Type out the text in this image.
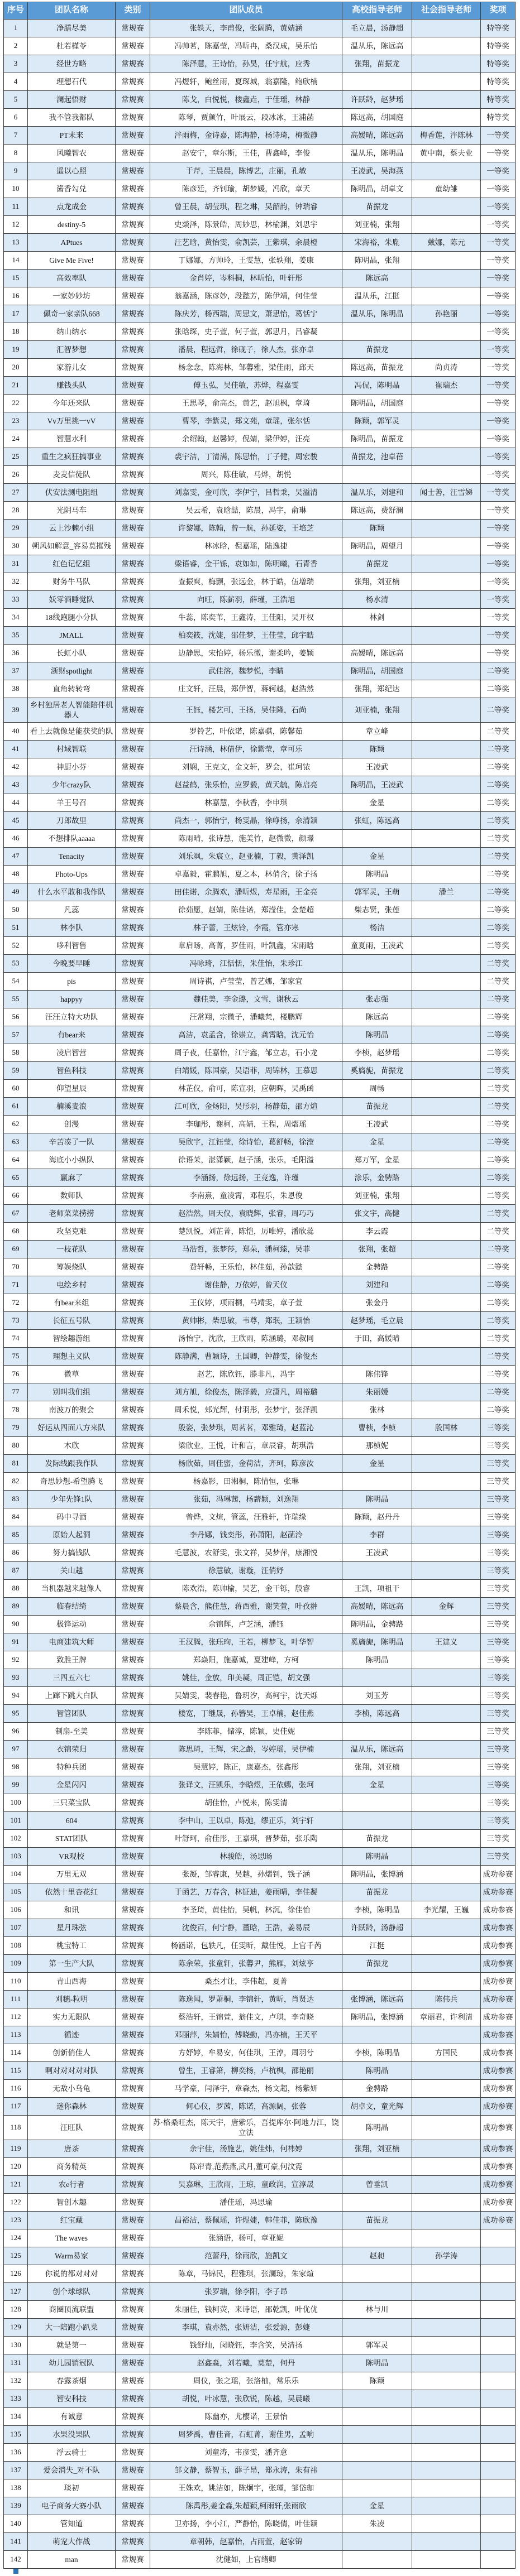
序号	团队名称	类别	团队成员	高校指导老师	社会指导老师	奖项
1	净膳尽美	常规赛	张轶天，李甫俊，张阔腾，黄婧涵	毛立晨，汤静超		特等奖
2	杜若槿苓	常规赛	冯帅茗，陈嘉莹，冯昕冉，桑汉成，吴乐怡	温从乐，陈远高		特等奖
3	经世方略	常规赛	陈泽慧，王诗怡，孙昊，任宇航，应秀	张翔，苗振龙		特等奖
4	理想石代	常规赛	冯煜轩，鲍丝雨，夏琛城，翁嘉隆，鲍欣楠			特等奖
5	澜起悟财	常规赛	陈戈，白悦悦，楼鑫垚，于佳瑶，林静	许跃龄，赵梦瑶		特等奖
6	我不管我都队	常规赛	陈琴，贾颜竹，叶展云，段冰冰，王浦菡	陈远高，胡国庭		特等奖
7	PT未来	常规赛	泮雨梅，金诗嘉，陈海静，杨诗琦，梅微静	高媛晴，陈远高	梅香莲，泮陈林	一等奖
8	风曦智农	常规赛	赵安宁，章尔斯，王佳，曹鑫峰，李俊	温从乐，陈明晶	黄中南，蔡夫业	一等奖
9	遥以心照	常规赛	于芹，王晨晨，陈博艺，庄丽，孔敏	王凌武，吴海燕		一等奖
10	酱香勾兑	常规赛	陈彦廷，齐钊瑜，胡梦媛，冯欣，章天	陈明晶，胡卓文	童幼雏	一等奖
11	点龙成金	常规赛	曾王晨，胡莹琪，程之琳，吴韶韵，钟瑞睿	苗振龙		一等奖
12	destiny-5	常规赛	史燚泽，陈景皓，周妙思，林榆渊，刘思宇	刘亚楠，张翔		一等奖
13	APtues	常规赛	汪艺晗，黄怡雯，俞凯芸，王紫琪，余晨橙	宋海裕，朱胤	戴娜，陈元	一等奖
14	Give Me Five!	常规赛	丁娜娜，方帅玲，王雯慧，张轶翔，姜康	陈明晶，张翔		一等奖
15	高效率队	常规赛	金肖婷，岑科桐，林昕怡，叶轩彤	陈远高		一等奖
16	一家妙妙坊	常规赛	翁嘉涵，陈彦妙，段懿芳，陈伊靖，何佳莹	温从乐，江挺		一等奖
17	佩奇一家亲队668	常规赛	陈庆芳，杨西瑞，周思文，萧思怡，葛恬宁	温从乐，陈明晶	孙艳丽	一等奖
18	纳山纳水	常规赛	张晗琛，史子萱，何子萱，郭思月，吕睿凝			一等奖
19	汇智梦想	常规赛	潘晨，程远哲，徐砚子，徐人杰，张亦卓	苗振龙		一等奖
20	家游儿女	常规赛	杨念念，陈海林，邹馨雅，梁佳雨，邱天	陈远高，苗振龙	尚贞涛	一等奖
21	赚钱头队	常规赛	傅玉弘，吴佳敏，苏烨，程嘉雯	冯侃，陈明晶	崔瑞杰	一等奖
22	今年还来队	常规赛	王思琴，俞高杰，黄艺，赵旭枫，章琦	陈明晶，胡国庭		一等奖
23	Vv万里挑一vV	常规赛	曹琴，李紫灵，郑文苑，童瑶，张尔恬	陈颖，郭军灵		一等奖
24	智慧水利	常规赛	余绍翰，赵馨婷，倪婧，梁伊婷，汪亮	陈明晶，苗振龙		一等奖
25	重生之疯狂搞事业	常规赛	裘宇洁，丁清满，陈思怡，丁子健，周宏骏	苗振龙，池卓蓓		一等奖
26	麦麦信徒队	常规赛	周兴，陈佳敏，马烨，胡悦			一等奖
27	伏安法测电阻组	常规赛	刘嘉雯，金可欣，李伊宁，吕哲秉，吴溢清	温从乐，刘建和	闻士善，汪雪娣	一等奖
28	光阴马车	常规赛	吴云希，袁晗喆，陈晨，冯宇，俞琳	陈远高，费舒澜		一等奖
29	云上沙棘小组	常规赛	许黎娜，陈翰，曾一航，孙延姿，王培芝	陈颖		一等奖
30	朔风如解意_容易莫摧残	常规赛	林冰晗，倪嘉瑶，陆逸捷	陈明晶，周望月		一等奖
31	红色记忆组	常规赛	梁语睿，金干铄，袁如如，陈明曦，石青香	苗振龙		一等奖
32	财务牛马队	常规赛	查振爽，梅颢，张远金，林于皓，伍增瑞	张翔，刘亚楠		一等奖
33	妖零酒睡觉队	常规赛	向旺，陈薪羽，薛瑾，王浩旭	杨水清		一等奖
34	18线跑腿小分队	常规赛	牛蕊，陈奕苇，王鑫涛，王佳阳，吴开权	林剑		一等奖
35	JMALL	常规赛	柏奕筱，沈婕，邵佳梦，王佳莹，邱宇皓			一等奖
36	长虹小队	常规赛	边静思，宋怡婷，杨乐微，谢柔吟，姜颖	高媛晴，陈远高		一等奖
37	浙财spotlight	常规赛	武佳溶，魏梦悦，李睛	陈明晶，胡国庭		二等奖
38	直角转转弯	常规赛	庄文轩，汪晨，郑伊智，蒋轲越，赵浩然	张翔，郑纪达		二等奖
39	乡村独居老人智能陪伴机器人	常规赛	王钰，楼艺可，王扬，吴佳隆，石尚	刘亚楠，张翔		二等奖
40	看上去就像是能获奖的队	常规赛	罗铃艺，叶依诺，陈嘉骐，陈馨茹	章立峰		二等奖
41	村域智联	常规赛	汪诗涵，林倩伊，徐紫莹，章可乐	陈颖		二等奖
42	神厨小芬	常规赛	刘娴，王克文，金文轩，罗会，崔珂铱	王凌武		二等奖
43	少年crazy队	常规赛	赵益鹤，张乐怡，应罗毅，黄天毓，陈启亮	陈明晶，王凌武		二等奖
44	羊王号召	常规赛	林嘉慧，李秋香，李申琪	金星		二等奖
45	刀郎故里	常规赛	尚杰一，郭怡宁，杨雯晶，徐峥扬，佘清颖	张虹，陈远高		二等奖
46	不想排队aaaaa	常规赛	陈雨晴，张诗慧，施美竹，赵微微，颜璟			二等奖
47	Tenacity	常规赛	刘乐飒，朱宸立，赵亚楠，丁毅，黄泽凯	金星		二等奖
48	Photo-Ups	常规赛	卓嘉毅，霍鹏旭，夏之本，林俏含，徐子扬	陈明晶		二等奖
49	什么水平敢和我作队	常规赛	田佳诺，余腾欢，潘昕煜，寿星雨，王金亮	郭军灵，王萌	潘兰	二等奖
50	凡蕊	常规赛	徐茹愿，赵婧，陈佳诺，郑滢佳，金楚超	柴志贤，张莲		二等奖
51	林李队	常规赛	林子蕾，王炫铃，李霞，管亦寒	杨洁		二等奖
52	哆利智售	常规赛	章启旸，高菁，罗佳雨，叶凯鑫，宋雨晗	童夏雨，王凌武		二等奖
53	今晚要早睡	常规赛	冯咏琦，江恬恬，朱佳怡，朱珍江			二等奖
54	pis	常规赛	周诗祺，卢莹莹，曾艺娜，邹家宜			二等奖
55	happyy	常规赛	魏佳美，李金璐，文雪，谢秋云	张志强		二等奖
56	汪汪立特大功队	常规赛	汪常翔，宗微子，潘曦梵，楼鹏辉	陈远高		二等奖
57	有bear来	常规赛	高洁，袁孟含，徐崇立，龚霄晗，沈元怡	陈明晶		二等奖
58	凌启智营	常规赛	周子夜，任嘉怡，江宇鑫，邹立志，石小龙	李桢，赵梦瑶		二等奖
59	智鱼科技	常规赛	白靖媛，陈国豪，吴语菲，周锦林，王慕思	奚旖旎，苗振龙		二等奖
60	仰望星辰	常规赛	林芷仪，俞可，陈宣羽，应朝晖，吴禹函	周畅		二等奖
61	楠溪麦浪	常规赛	江可欣，金炀阳，吴彤羽，杨静茹，邵方煊	苗振龙		二等奖
62	创漫	常规赛	李珈彤，谢柯，高婧，王程，周熠瑶	王凌武		二等奖
63	辛苦凑了一队	常规赛	吴欣宇，江钰莹，徐诗怡，葛舒畅，徐滢	金星		二等奖
64	海底小小纵队	常规赛	徐语茉，湛潇颖，赵子涵，张乐，毛阳溢	郑万军，金星		二等奖
65	赢麻了	常规赛	李涵扬，徐远扬，王竞逸，许瑾	涂乐，金骋路		二等奖
66	数师队	常规赛	李南熹，童凌霄，邓程乐，朱恩俊	刘亚楠，张翔		二等奖
67	老师菜菜捞捞	常规赛	赵浩然，周天仪，袁晓辉，张睿，周巧巧	张文宇，高健		二等奖
68	攻坚克难	常规赛	楚凯悦，刘芷菁，陈恺，厉唯婷，潘欣蕊	李云霞		二等奖
69	一枝花队	常规赛	马浩哲，张梦莎，郑朵，潘柯臻，吴菲	张翔，张超		二等奖
70	筹娱烧队	常规赛	费轩畅，王乐怡，林佳茹，孙歆懿	金骋路		二等奖
71	电绘乡村	常规赛	谢佳静，万依婷，曾天仪	刘建和		二等奖
72	有bear来组	常规赛	王仪婷，项雨桐，马靖雯，章子萱	张金丹		二等奖
73	长征五号队	常规赛	黄帅彬，柴思敏，韦尊，郑珉，王颖怡	赵梦瑶，毛立晨		二等奖
74	智绘趣游组	常规赛	汤怡宁，沈欣，王欣雨，陈涵璐，邓叔同	于田，高媛晴		二等奖
75	理想主义队	常规赛	陈静满，曹颖诗，王国卿，钟静雯，徐俊杰			二等奖
76	微草	常规赛	赵艺，陈欣钰，滕非凡，冯宇	陈伟锋		二等奖
77	别叫我们组	常规赛	刘方旭，徐俊杰，陈泽毅，应潇凡，周裕璐	朱丽媛		二等奖
78	南波万的聚会	常规赛	周禾悦，郏光辉，付羽彤，张梦宇，张泽凯	张林		二等奖
79	好运从四面八方来队	常规赛	殷姿，张梦琪，周茗茗，邓雅琦，赵蓝沁	曹桢，李桢	殷国林	三等奖
80	木欣	常规赛	梁欣业，王悦，计和言，章辰睿，胡琪浩	那桢妮		三等奖
81	发际线跟我作队	常规赛	杨欣茹，周佳蜜，金荷洁，齐珂，陈彦汝	金星		三等奖
82	奇思妙想-希望腾飞	常规赛	杨嘉影，田湘桐，陈情恒，张琳			三等奖
83	少年先锋1队	常规赛	张茹，冯琳茜，杨薪颖，刘逸翔	陈明晶		三等奖
84	码中寻酒	常规赛	曾烨，文煊，管蕊，汪雅轩，许瑞缘	陈颖，赵丹丹		三等奖
85	原始人起洞	常规赛	李丹娜，钱奕彤，孙萧阳，赵菡泠	李群		三等奖
86	努力搞钱队	常规赛	毛慧波，农舒雯，张文祥，吴梦萍，康湘悦	王凌武		三等奖
87	关山越	常规赛	徐慧敏，谢璇，汪俏妤			三等奖
88	当机器越来越像人	常规赛	陈欢浩，陈帅榆，吴艺，金干铄，殷睿	王凯，项祖干		三等奖
89	临春结绮	常规赛	蔡晨含，熊佳慧，蒋西雅，谢笑萱，叶孜翀	高媛晴，陈远高	金辉	三等奖
90	极锋运动	常规赛	佘锦辉，卢芝涵，潘钰	陈明晶，金骋路		三等奖
91	电商建筑大师	常规赛	王汉腾，张珏珣，王若，柳梦飞，叶华智	奚旖旎，陈明晶	王建义	三等奖
92	致胜王牌	常规赛	郑焱阳，施嘉诚，夏建峰，方柯	陈明晶		三等奖
93	三四五六七	常规赛	姚佳，金放，印美凝，周正铠，胡文强			三等奖
94	上蹿下跳大白队	常规赛	吴婧雯，裴春艳，鲁玥汐，高柯宇，沈天烁	刘玉芳		三等奖
95	智管团队	常规赛	楼宽，丁继晟，孙簪昊，王卓楠，赵佳燕	李桢，陈远高		三等奖
96	制扇-至美	常规赛	李陈菲，储淳，陈颖，史佳妮			三等奖
97	衣锦荣归	常规赛	陈思琦，王辉，宋之龄，岑婷瑶，吴伊楠	温从乐，陈远高		三等奖
98	特种兵团	常规赛	吴慧婷，陈正，康嘉杰，张鑫彤	张翔，刘亚楠		三等奖
99	金星闪闪	常规赛	张译文，汪凯乐，李晗煜，王依娜，张珂	金星		三等奖
100	三只菜宝队	常规赛	胡佳怡，卢悦来，陈雯清			三等奖
101	604	常规赛	李中山，王以卓，陈弛，缪正乐，刘宇轩			三等奖
102	STAT团队	常规赛	叶舒珂，俞佳彤，王嘉琪，晋梦茹，张乐陶	苗振龙		三等奖
103	VR观校	常规赛	林骏皓，汤思旸	陈明晶		三等奖
104	万里无双	常规赛	张凝，邹睿康，吴越，孙熠钊，钱子涵	陈明晶，张博涵		成功参赛
105	依然十里杏花红	常规赛	于函艺，万春含，林钲迪，姜雨晴，李佳凝	苗振龙		成功参赛
106	和讯	常规赛	李圣琦，黄佳怡，吴帆，林沉，徐佳怡	李桢，陈明晶	李光耀，王巍	成功参赛
107	星月珠弦	常规赛	沈俊百，何宁静，董晗，王浩，姜易辰	许跃龄，汤静超		成功参赛
108	桃宝特工	常规赛	杨涵诺，包轶凡，任雯昕，戴佳悦，上官千芮	江挺		成功参赛
109	第一生产大队	常规赛	陈余荣，张童轩，张馨尹，熊雁，刘炫亨	苗振龙		成功参赛
110	青山西海	常规赛	桑杰才让，李伟超，夏菁			成功参赛
111	刈穗-粒明	常规赛	陈逸闻，罗萧桐，李锦轩，黄昕，肖贤达	张博涵，陈远高	陈伟兵	成功参赛
112	实力无限队	常规赛	蔡浩轩，王锦萱，翁佳文，卢琪，李奇晓	陈明晶，张博涵	章丽君，许利清	成功参赛
113	循迹	常规赛	邓丽萍，朱婧怡，傅晓勤，冯亦楠，王天平			成功参赛
114	创新俏佳人	常规赛	方妤婷，牟易安，何佳琪，王淳，周羽兮	李桢，陈明晶	方国民	成功参赛
115	啊对对对对对队	常规赛	曾生，王睿箫，柳奕杨，卢杭枫，邵艳丽	陈明晶		成功参赛
116	无敌小乌龟	常规赛	马学豪，闫泽宇，章森杰，杨文超，杨紫妍	金骋路		成功参赛
117	迷你森林	常规赛	何心仪，罗茜，陈诺，高源阔，张蓉	胡卓文，童光辉		成功参赛
118	汪旺队	常规赛	苏·格桑旺杰，陈天宇，唐紫乐，吾提库尔·阿地力江，饶立法	陈明晶		成功参赛
119	唐茶	常规赛	余宇佳，汤施艺，姚佳炜，何祎婷	张翔，刘亚楠		成功参赛
120	商务精英	常规赛	陈帘青,范燕燕,武月,董可豪,何汶霓			成功参赛
121	农e行者	常规赛	吴嘉琳，王欣雨，王琼，童政润，宣淳晟	曾垂凯		成功参赛
122	智创木趣	常规赛	潘佳瑶，冯思瑜			成功参赛
123	红宝藏	常规赛	昌裕洁，蔡佩瑶，许煜婕，韩佳菲，陈欣豫	苗振龙		成功参赛
124	The waves	常规赛	张涵语，杨可，章亚妮			
125	Warm易家	常规赛	范蕾丹，徐雨欣，施凯文	赵昶	孙学涛	
126	你说的都对对对	常规赛	陈章，马锦民，程雅琪，张澜琼，朱家煊			
127	创个球球队	常规赛	张罗瑞，徐李阳，李子昂			
128	商圈顶流联盟	常规赛	朱丽佳，钱柯荧，来诗语，邵乾凯，叶优优	林与川		
129	大一陪跑小趴菜	常规赛	李琪，袁亦然，张妍洁，张爱源，彭婕			
130	就是第一	常规赛	钱舒灿，闵晓钰，李含笑，吴清扬	郭军灵		
131	幼儿园销冠队	常规赛	赵鑫淼，刘若曦，莫楚，何丹	陈明晶		
132	春露茶烟	常规赛	周仪，张之瑶，张洛柚，常乐乐	陈颖		
133	智安科技	常规赛	胡悦，叶冰慧，张欣锐，陈越，吴晨曦			
134	有诚意	常规赛	陈幽亦，尤樱诺，王景怡			
135	水果没果队	常规赛	周梦禹，曹佳音，石虹菁，谢佳男，孟响			
136	浮云骑士	常规赛	刘童涛，韦彦雯，潘齐意			
137	爱会消失_对不队	常规赛	邹文静，蔡智玉，薛子昂，郑永涛，朱有祎			
138	琰初	常规赛	王姝欢，姚洁如，陈炯宇，张瑾，邹岱珈			
139	电子商务大赛小队	常规赛	陈禹彤,姜金淼,朱超颖,柯雨轩,张雨欣	金星		
140	管知道	常规赛	卫亦扬，李小江，严静怡，陈晓倩，叶佳颖	朱凌		
141	萌宠大作战	常规赛	章朝韩，赵嘉怡，占雨萱，赵家锦			
142	man	常规赛	沈健如，上官绪卿			
